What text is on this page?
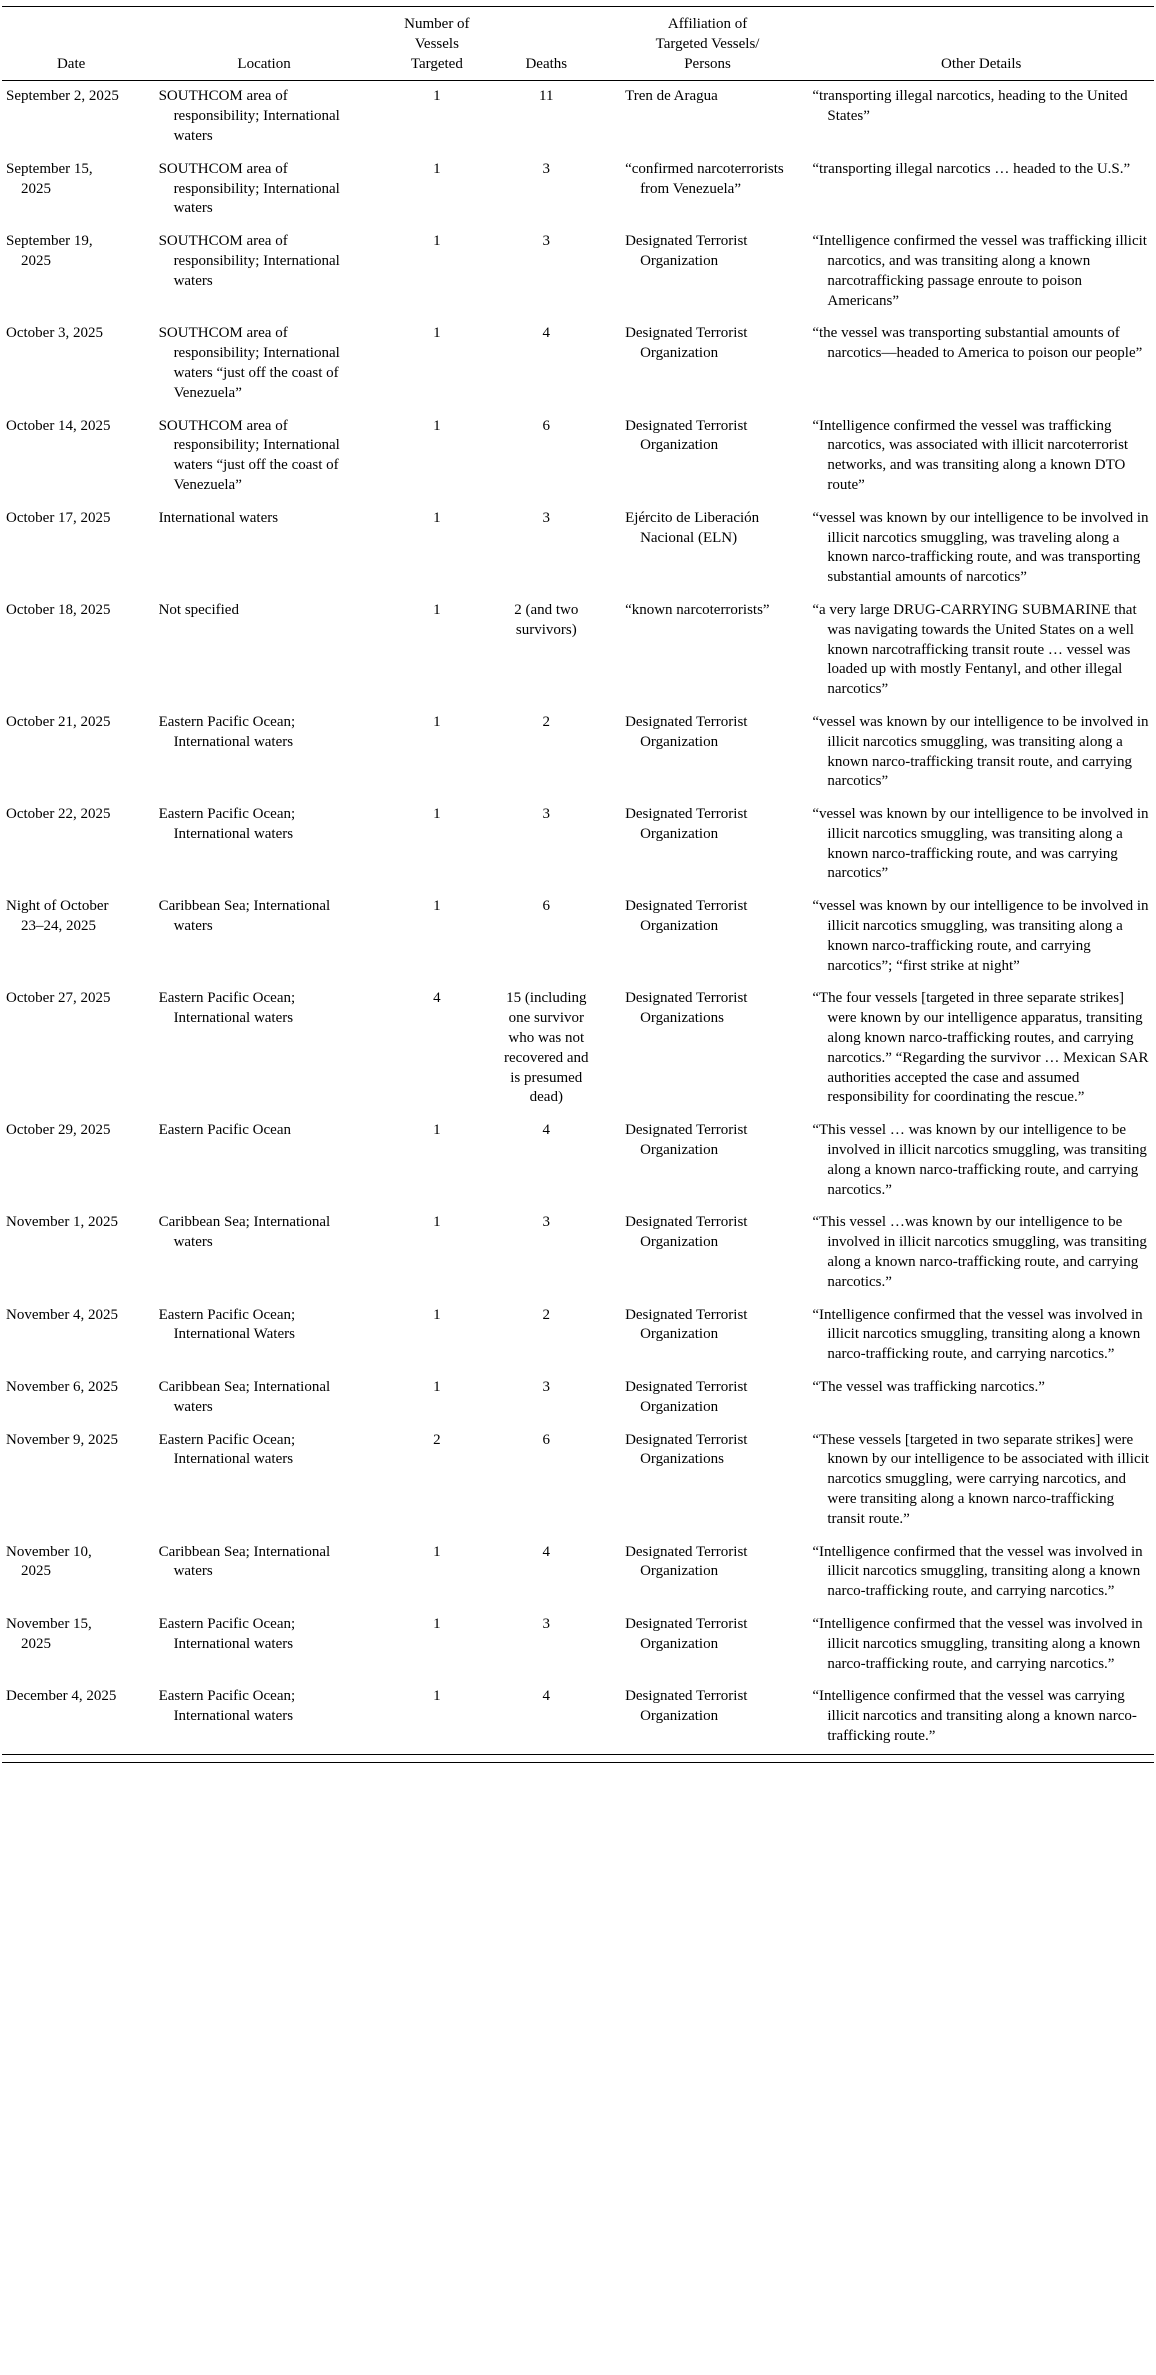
Date	Location	Number of Vessels Targeted	Deaths	Affiliation of Targeted Vessels/ Persons	Other Details

September 2, 2025	SOUTHCOM area of responsibility; International waters	1	11	Tren de Aragua	“transporting illegal narcotics, heading to the United States”

September 15, 2025	SOUTHCOM area of responsibility; International waters	1	3	“confirmed narcoterrorists from Venezuela”	“transporting illegal narcotics … headed to the U.S.”

September 19, 2025	SOUTHCOM area of responsibility; International waters	1	3	Designated Terrorist Organization	“Intelligence confirmed the vessel was trafficking illicit narcotics, and was transiting along a known narcotrafficking passage enroute to poison Americans”

October 3, 2025	SOUTHCOM area of responsibility; International waters “just off the coast of Venezuela”	1	4	Designated Terrorist Organization	“the vessel was transporting substantial amounts of narcotics—headed to America to poison our people”

October 14, 2025	SOUTHCOM area of responsibility; International waters “just off the coast of Venezuela”	1	6	Designated Terrorist Organization	“Intelligence confirmed the vessel was trafficking narcotics, was associated with illicit narcoterrorist networks, and was transiting along a known DTO route”

October 17, 2025	International waters	1	3	Ejército de Liberación Nacional (ELN)	“vessel was known by our intelligence to be involved in illicit narcotics smuggling, was traveling along a known narco-trafficking route, and was transporting substantial amounts of narcotics”

October 18, 2025	Not specified	1	2 (and two survivors)	“known narcoterrorists”	“a very large DRUG-CARRYING SUBMARINE that was navigating towards the United States on a well known narcotrafficking transit route … vessel was loaded up with mostly Fentanyl, and other illegal narcotics”

October 21, 2025	Eastern Pacific Ocean; International waters	1	2	Designated Terrorist Organization	“vessel was known by our intelligence to be involved in illicit narcotics smuggling, was transiting along a known narco-trafficking transit route, and carrying narcotics”

October 22, 2025	Eastern Pacific Ocean; International waters	1	3	Designated Terrorist Organization	“vessel was known by our intelligence to be involved in illicit narcotics smuggling, was transiting along a known narco-trafficking route, and was carrying narcotics”

Night of October 23–24, 2025	Caribbean Sea; International waters	1	6	Designated Terrorist Organization	“vessel was known by our intelligence to be involved in illicit narcotics smuggling, was transiting along a known narco-trafficking route, and carrying narcotics”; “first strike at night”

October 27, 2025	Eastern Pacific Ocean; International waters	4	15 (including one survivor who was not recovered and is presumed dead)	Designated Terrorist Organizations	“The four vessels [targeted in three separate strikes] were known by our intelligence apparatus, transiting along known narco-trafficking routes, and carrying narcotics.” “Regarding the survivor … Mexican SAR authorities accepted the case and assumed responsibility for coordinating the rescue.”

October 29, 2025	Eastern Pacific Ocean	1	4	Designated Terrorist Organization	“This vessel … was known by our intelligence to be involved in illicit narcotics smuggling, was transiting along a known narco-trafficking route, and carrying narcotics.”

November 1, 2025	Caribbean Sea; International waters	1	3	Designated Terrorist Organization	“This vessel …was known by our intelligence to be involved in illicit narcotics smuggling, was transiting along a known narco-trafficking route, and carrying narcotics.”

November 4, 2025	Eastern Pacific Ocean; International Waters	1	2	Designated Terrorist Organization	“Intelligence confirmed that the vessel was involved in illicit narcotics smuggling, transiting along a known narco-trafficking route, and carrying narcotics.”

November 6, 2025	Caribbean Sea; International waters	1	3	Designated Terrorist Organization	“The vessel was trafficking narcotics.”

November 9, 2025	Eastern Pacific Ocean; International waters	2	6	Designated Terrorist Organizations	“These vessels [targeted in two separate strikes] were known by our intelligence to be associated with illicit narcotics smuggling, were carrying narcotics, and were transiting along a known narco-trafficking transit route.”

November 10, 2025	Caribbean Sea; International waters	1	4	Designated Terrorist Organization	“Intelligence confirmed that the vessel was involved in illicit narcotics smuggling, transiting along a known narco-trafficking route, and carrying narcotics.”

November 15, 2025	Eastern Pacific Ocean; International waters	1	3	Designated Terrorist Organization	“Intelligence confirmed that the vessel was involved in illicit narcotics smuggling, transiting along a known narco-trafficking route, and carrying narcotics.”

December 4, 2025	Eastern Pacific Ocean; International waters	1	4	Designated Terrorist Organization	“Intelligence confirmed that the vessel was carrying illicit narcotics and transiting along a known narco-trafficking route.”
